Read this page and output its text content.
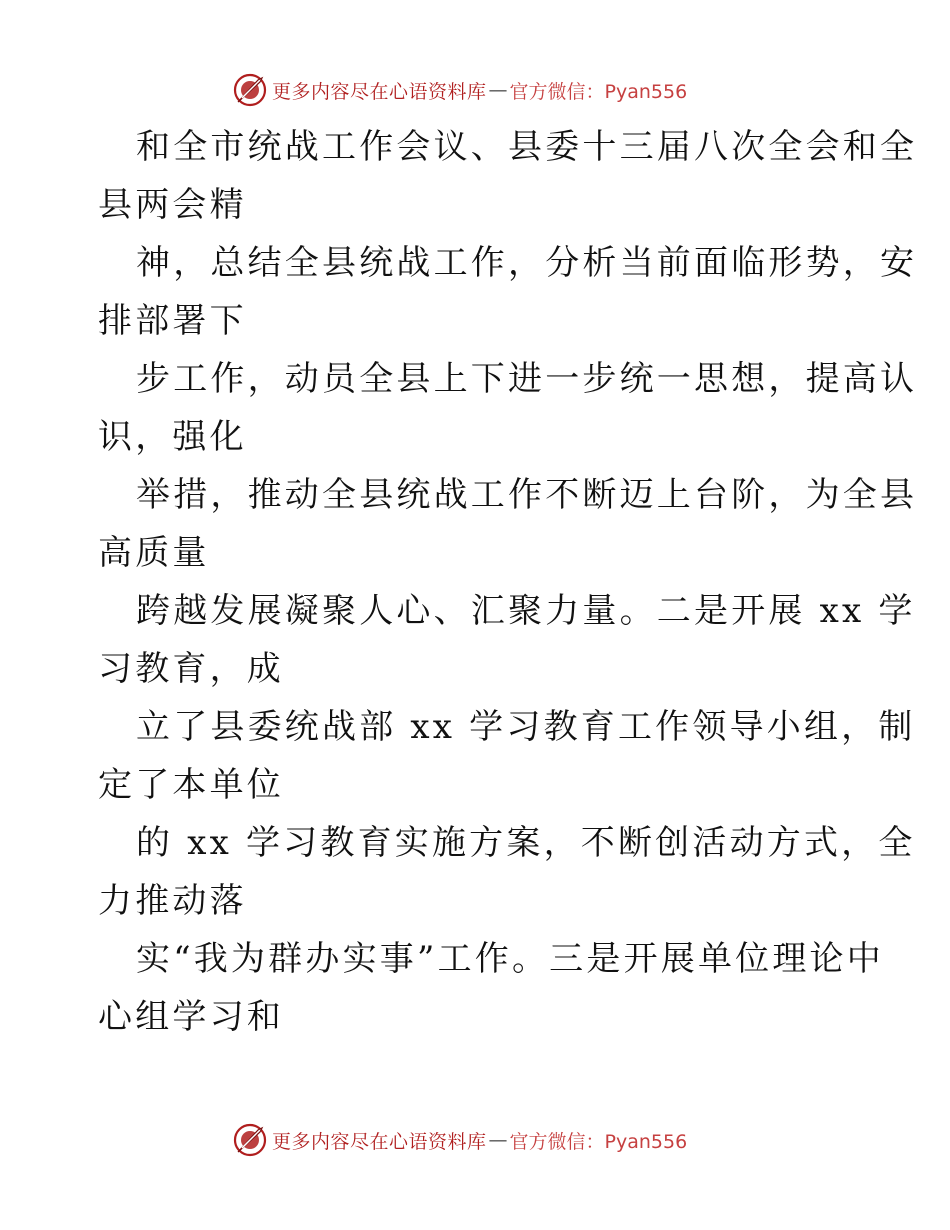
更多内容尽在心语资料库 — 官方微信：Pyan556

和全市统战工作会议、县委十三届八次全会和全

县两会精

神，总结全县统战工作，分析当前面临形势，安

排部署下

步工作，动员全县上下进一步统一思想，提高认

识，强化

举措，推动全县统战工作不断迈上台阶，为全县

高质量

跨越发展凝聚人心、汇聚力量。二是开展 xx 学

习教育，成

立了县委统战部 xx 学习教育工作领导小组，制

定了本单位

的 xx 学习教育实施方案，不断创活动方式，全

力推动落

实“我为群办实事”工作。三是开展单位理论中

心组学习和

更多内容尽在心语资料库 — 官方微信：Pyan556
